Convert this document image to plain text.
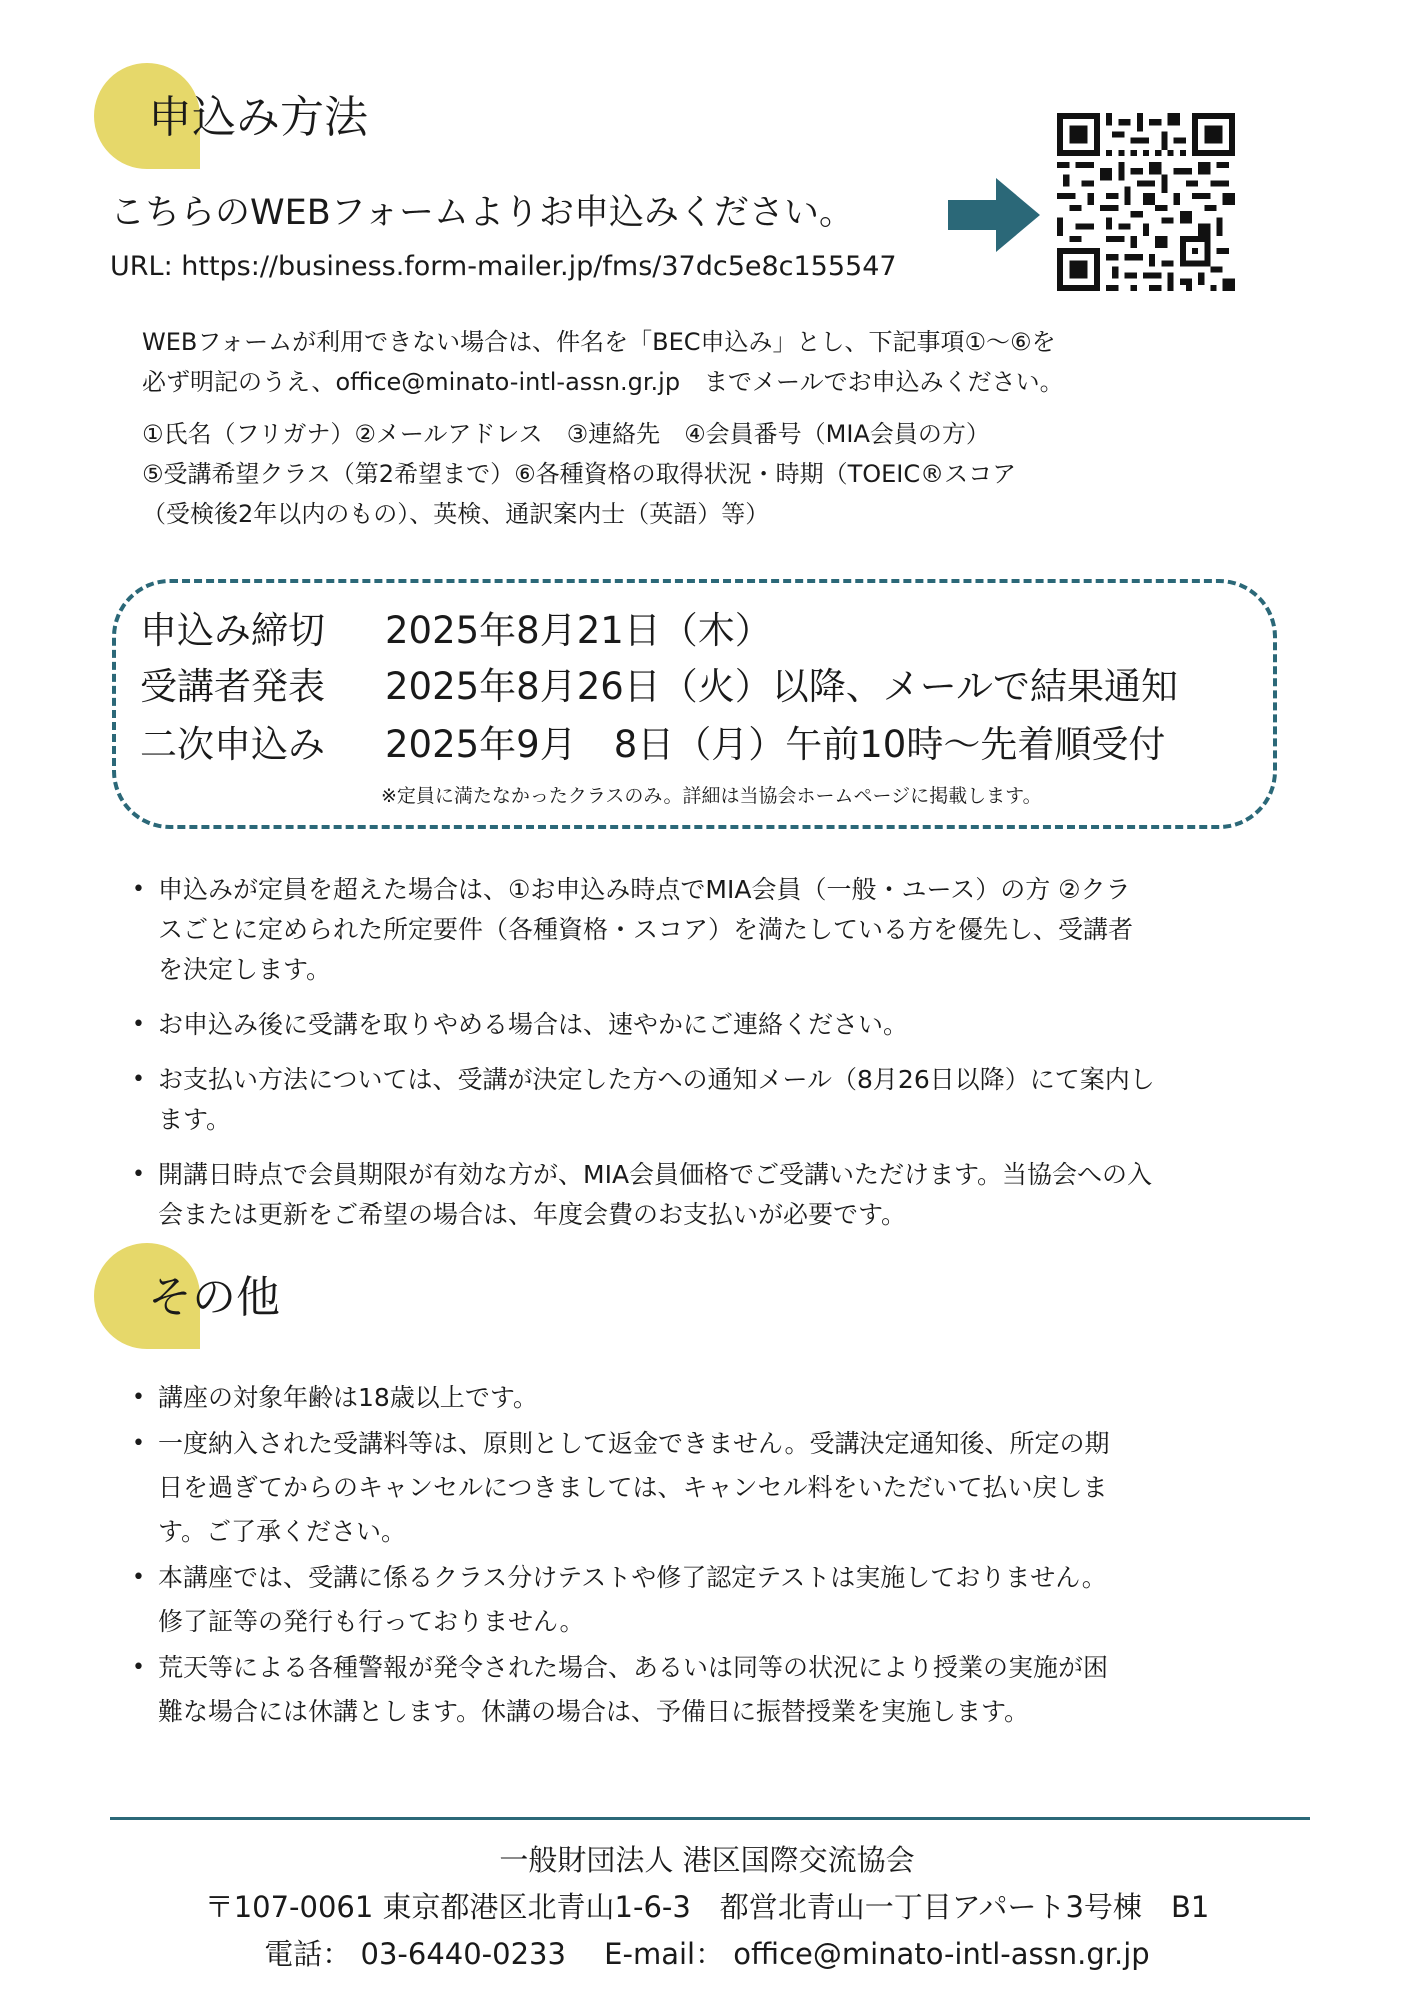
申込み方法
こちらのWEBフォームよりお申込みください。
URL: https://business.form-mailer.jp/fms/37dc5e8c155547

WEBフォームが利用できない場合は、件名を「BEC申込み」とし、下記事項①～⑥を

必ず明記のうえ、office@minato-intl-assn.gr.jp　までメールでお申込みください。

①氏名（フリガナ）②メールアドレス　③連絡先　④会員番号（MIA会員の方）

⑤受講希望クラス（第2希望まで）⑥各種資格の取得状況・時期（TOEIC®スコア

（受検後2年以内のもの）、英検、通訳案内士（英語）等）

申込み締切 2025年8月21日（木）
受講者発表 2025年8月26日（火）以降、メールで結果通知
二次申込み 2025年9月　8日（月）午前10時～先着順受付
※定員に満たなかったクラスのみ。詳細は当協会ホームページに掲載します。
• 申込みが定員を超えた場合は、①お申込み時点でMIA会員（一般・ユース）の方 ②クラ
スごとに定められた所定要件（各種資格・スコア）を満たしている方を優先し、受講者
を決定します。
• お申込み後に受講を取りやめる場合は、速やかにご連絡ください。
• お支払い方法については、受講が決定した方への通知メール（8月26日以降）にて案内し
ます。
• 開講日時点で会員期限が有効な方が、MIA会員価格でご受講いただけます。当協会への入
会または更新をご希望の場合は、年度会費のお支払いが必要です。
その他
• 講座の対象年齢は18歳以上です。
• 一度納入された受講料等は、原則として返金できません。受講決定通知後、所定の期
日を過ぎてからのキャンセルにつきましては、キャンセル料をいただいて払い戻しま
す。ご了承ください。
• 本講座では、受講に係るクラス分けテストや修了認定テストは実施しておりません。
修了証等の発行も行っておりません。
• 荒天等による各種警報が発令された場合、あるいは同等の状況により授業の実施が困
難な場合には休講とします。休講の場合は、予備日に振替授業を実施します。
一般財団法人 港区国際交流協会
〒107-0061 東京都港区北青山1-6-3　都営北青山一丁目アパート3号棟　B1
電話： 03-6440-0233　 E-mail： office@minato-intl-assn.gr.jp
